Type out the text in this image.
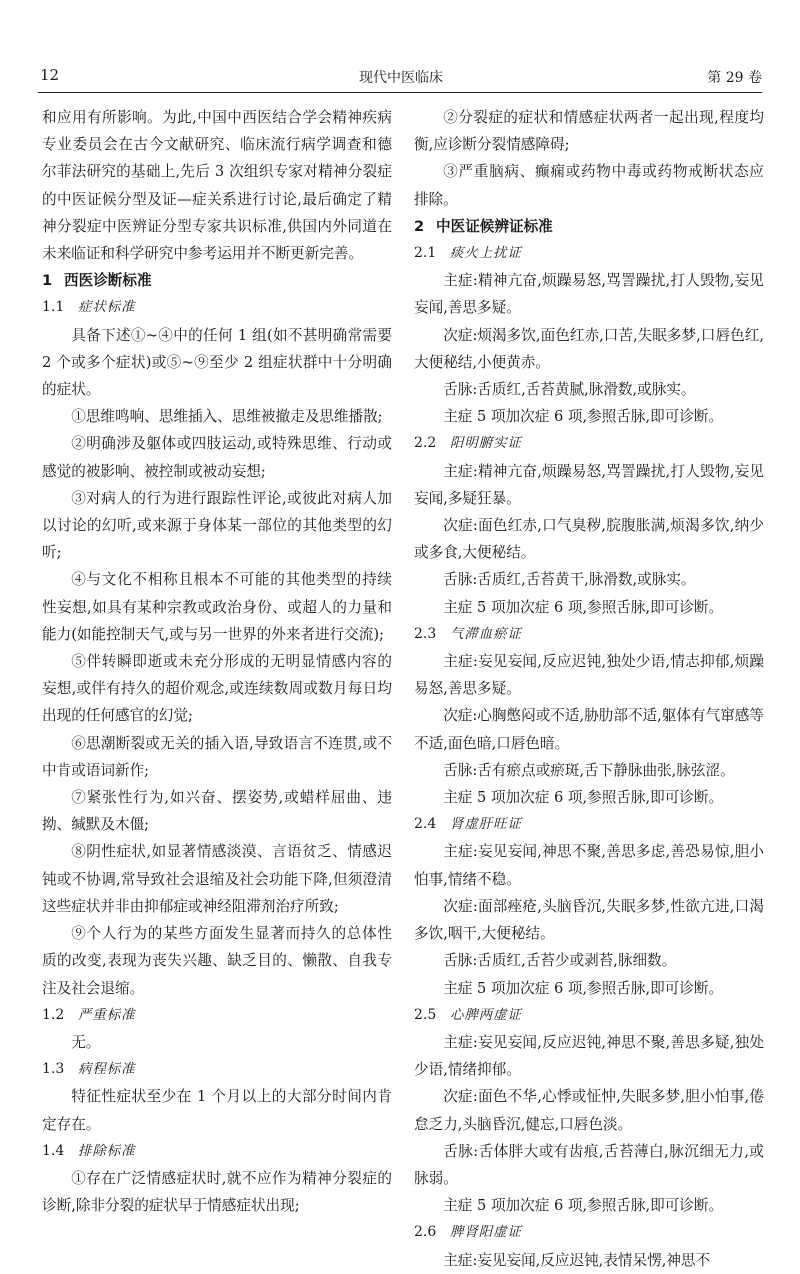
12	现代中医临床	第 29 卷

和应用有所影响。为此,中国中西医结合学会精神疾病专业委员会在古今文献研究、临床流行病学调查和德尔菲法研究的基础上,先后 3 次组织专家对精神分裂症的中医证候分型及证—症关系进行讨论,最后确定了精神分裂症中医辨证分型专家共识标准,供国内外同道在未来临证和科学研究中参考运用并不断更新完善。

1 西医诊断标准
1.1 症状标准

具备下述①~④中的任何 1 组(如不甚明确常需要 2 个或多个症状)或⑤~⑨至少 2 组症状群中十分明确的症状。

①思维鸣响、思维插入、思维被撤走及思维播散;

②明确涉及躯体或四肢运动,或特殊思维、行动或感觉的被影响、被控制或被动妄想;

③对病人的行为进行跟踪性评论,或彼此对病人加以讨论的幻听,或来源于身体某一部位的其他类型的幻听;

④与文化不相称且根本不可能的其他类型的持续性妄想,如具有某种宗教或政治身份、或超人的力量和能力(如能控制天气,或与另一世界的外来者进行交流);

⑤伴转瞬即逝或未充分形成的无明显情感内容的妄想,或伴有持久的超价观念,或连续数周或数月每日均出现的任何感官的幻觉;

⑥思潮断裂或无关的插入语,导致语言不连贯,或不中肯或语词新作;

⑦紧张性行为,如兴奋、摆姿势,或蜡样屈曲、违拗、缄默及木僵;

⑧阴性症状,如显著情感淡漠、言语贫乏、情感迟钝或不协调,常导致社会退缩及社会功能下降,但须澄清这些症状并非由抑郁症或神经阻滞剂治疗所致;

⑨个人行为的某些方面发生显著而持久的总体性质的改变,表现为丧失兴趣、缺乏目的、懒散、自我专注及社会退缩。

1.2 严重标准

无。

1.3 病程标准

特征性症状至少在 1 个月以上的大部分时间内肯定存在。

1.4 排除标准

①存在广泛情感症状时,就不应作为精神分裂症的诊断,除非分裂的症状早于情感症状出现;

②分裂症的症状和情感症状两者一起出现,程度均衡,应诊断分裂情感障碍;

③严重脑病、癫痫或药物中毒或药物戒断状态应排除。

2 中医证候辨证标准
2.1 痰火上扰证

主症:精神亢奋,烦躁易怒,骂詈躁扰,打人毁物,妄见妄闻,善思多疑。

次症:烦渴多饮,面色红赤,口苦,失眠多梦,口唇色红,大便秘结,小便黄赤。

舌脉:舌质红,舌苔黄腻,脉滑数,或脉实。

主症 5 项加次症 6 项,参照舌脉,即可诊断。

2.2 阳明腑实证

主症:精神亢奋,烦躁易怒,骂詈躁扰,打人毁物,妄见妄闻,多疑狂暴。

次症:面色红赤,口气臭秽,脘腹胀满,烦渴多饮,纳少或多食,大便秘结。

舌脉:舌质红,舌苔黄干,脉滑数,或脉实。

主症 5 项加次症 6 项,参照舌脉,即可诊断。

2.3 气滞血瘀证

主症:妄见妄闻,反应迟钝,独处少语,情志抑郁,烦躁易怒,善思多疑。

次症:心胸憋闷或不适,胁肋部不适,躯体有气窜感等不适,面色暗,口唇色暗。

舌脉:舌有瘀点或瘀斑,舌下静脉曲张,脉弦涩。

主症 5 项加次症 6 项,参照舌脉,即可诊断。

2.4 肾虚肝旺证

主症:妄见妄闻,神思不聚,善思多虑,善恐易惊,胆小怕事,情绪不稳。

次症:面部痤疮,头脑昏沉,失眠多梦,性欲亢进,口渴多饮,咽干,大便秘结。

舌脉:舌质红,舌苔少或剥苔,脉细数。

主症 5 项加次症 6 项,参照舌脉,即可诊断。

2.5 心脾两虚证

主症:妄见妄闻,反应迟钝,神思不聚,善思多疑,独处少语,情绪抑郁。

次症:面色不华,心悸或怔忡,失眠多梦,胆小怕事,倦怠乏力,头脑昏沉,健忘,口唇色淡。

舌脉:舌体胖大或有齿痕,舌苔薄白,脉沉细无力,或脉弱。

主症 5 项加次症 6 项,参照舌脉,即可诊断。

2.6 脾肾阳虚证

主症:妄见妄闻,反应迟钝,表情呆愣,神思不
